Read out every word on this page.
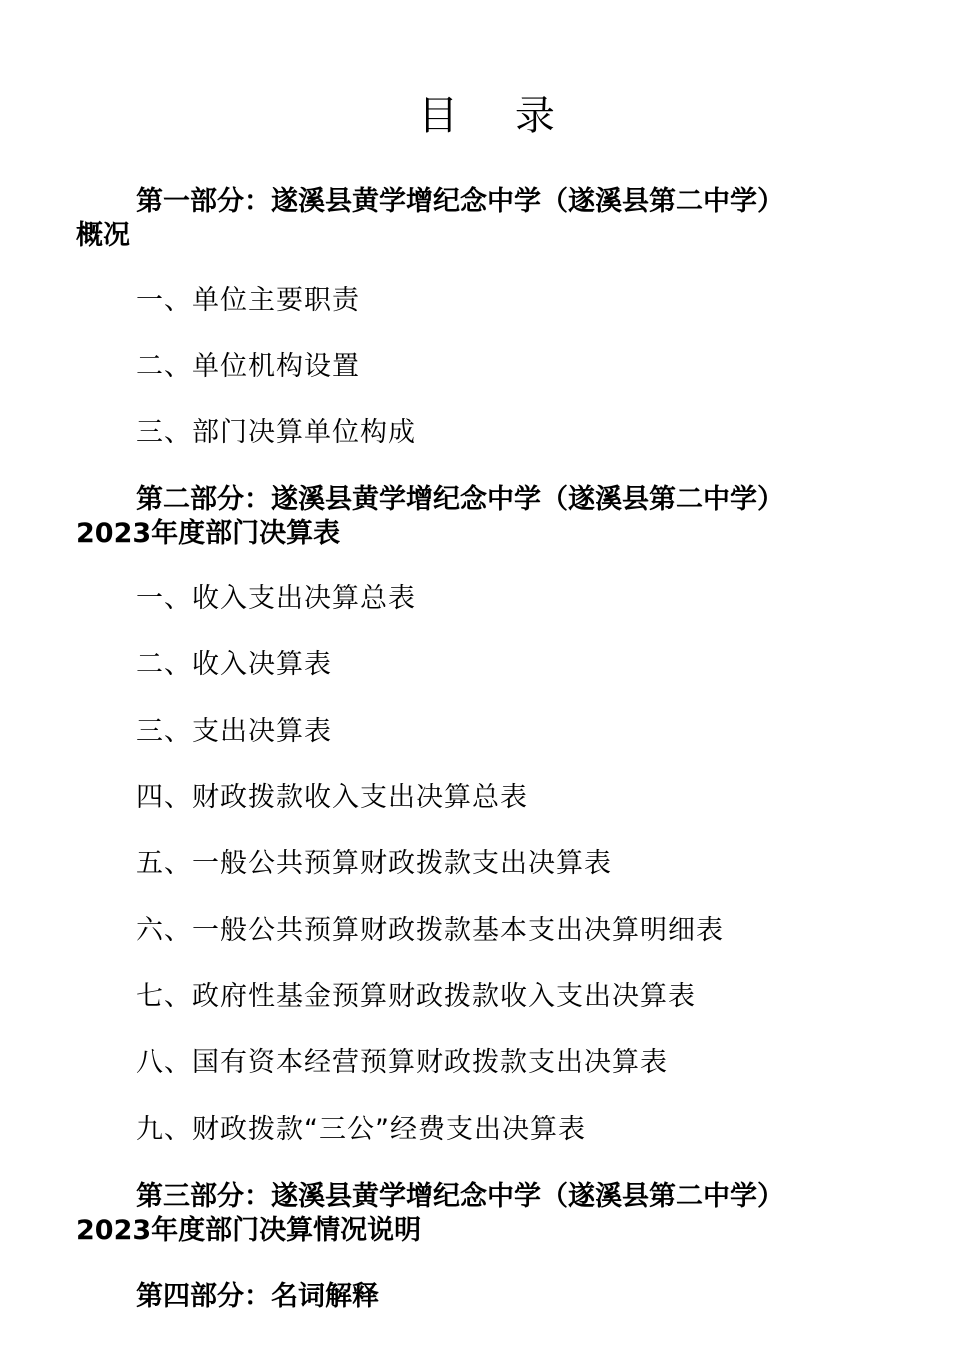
目 录
第一部分：遂溪县黄学增纪念中学（遂溪县第二中学）
概况
一、单位主要职责
二、单位机构设置
三、部门决算单位构成
第二部分：遂溪县黄学增纪念中学（遂溪县第二中学）
2023年度部门决算表
一、收入支出决算总表
二、收入决算表
三、支出决算表
四、财政拨款收入支出决算总表
五、一般公共预算财政拨款支出决算表
六、一般公共预算财政拨款基本支出决算明细表
七、政府性基金预算财政拨款收入支出决算表
八、国有资本经营预算财政拨款支出决算表
九、财政拨款“三公”经费支出决算表
第三部分：遂溪县黄学增纪念中学（遂溪县第二中学）
2023年度部门决算情况说明
第四部分：名词解释
